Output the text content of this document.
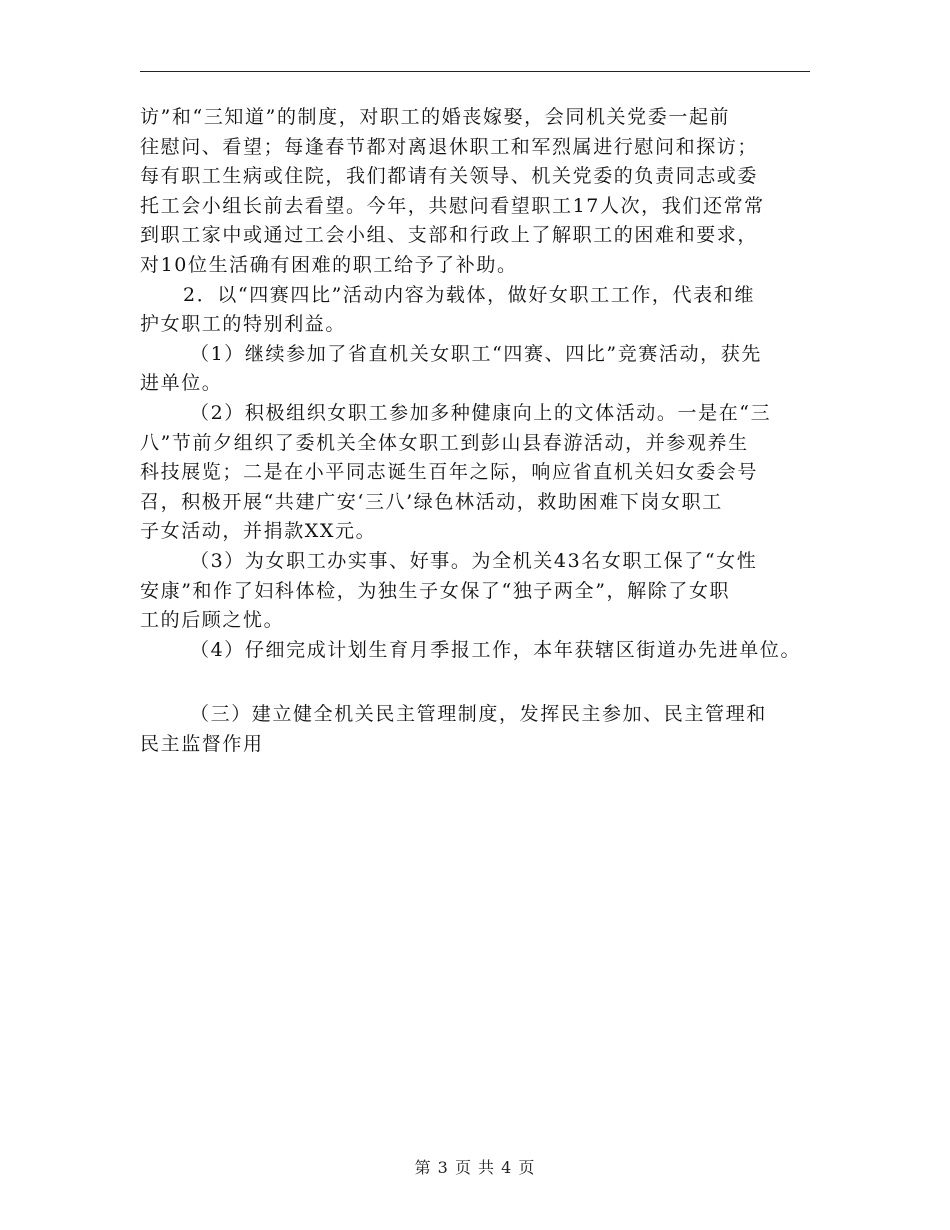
访”和“三知道”的制度，对职工的婚丧嫁娶，会同机关党委一起前
往慰问、看望；每逢春节都对离退休职工和军烈属进行慰问和探访；
每有职工生病或住院，我们都请有关领导、机关党委的负责同志或委
托工会小组长前去看望。今年，共慰问看望职工17人次，我们还常常
到职工家中或通过工会小组、支部和行政上了解职工的困难和要求，
对10位生活确有困难的职工给予了补助。
2．以“四赛四比”活动内容为载体，做好女职工工作，代表和维
护女职工的特别利益。
（1）继续参加了省直机关女职工“四赛、四比”竞赛活动，获先
进单位。
（2）积极组织女职工参加多种健康向上的文体活动。一是在“三
八”节前夕组织了委机关全体女职工到彭山县春游活动，并参观养生
科技展览；二是在小平同志诞生百年之际，响应省直机关妇女委会号
召，积极开展“共建广安‘三八’绿色林活动，救助困难下岗女职工
子女活动，并捐款XX元。
（3）为女职工办实事、好事。为全机关43名女职工保了“女性
安康”和作了妇科体检，为独生子女保了“独子两全”，解除了女职
工的后顾之忧。
（4）仔细完成计划生育月季报工作，本年获辖区街道办先进单位。
（三）建立健全机关民主管理制度，发挥民主参加、民主管理和
民主监督作用
第 3 页 共 4 页
